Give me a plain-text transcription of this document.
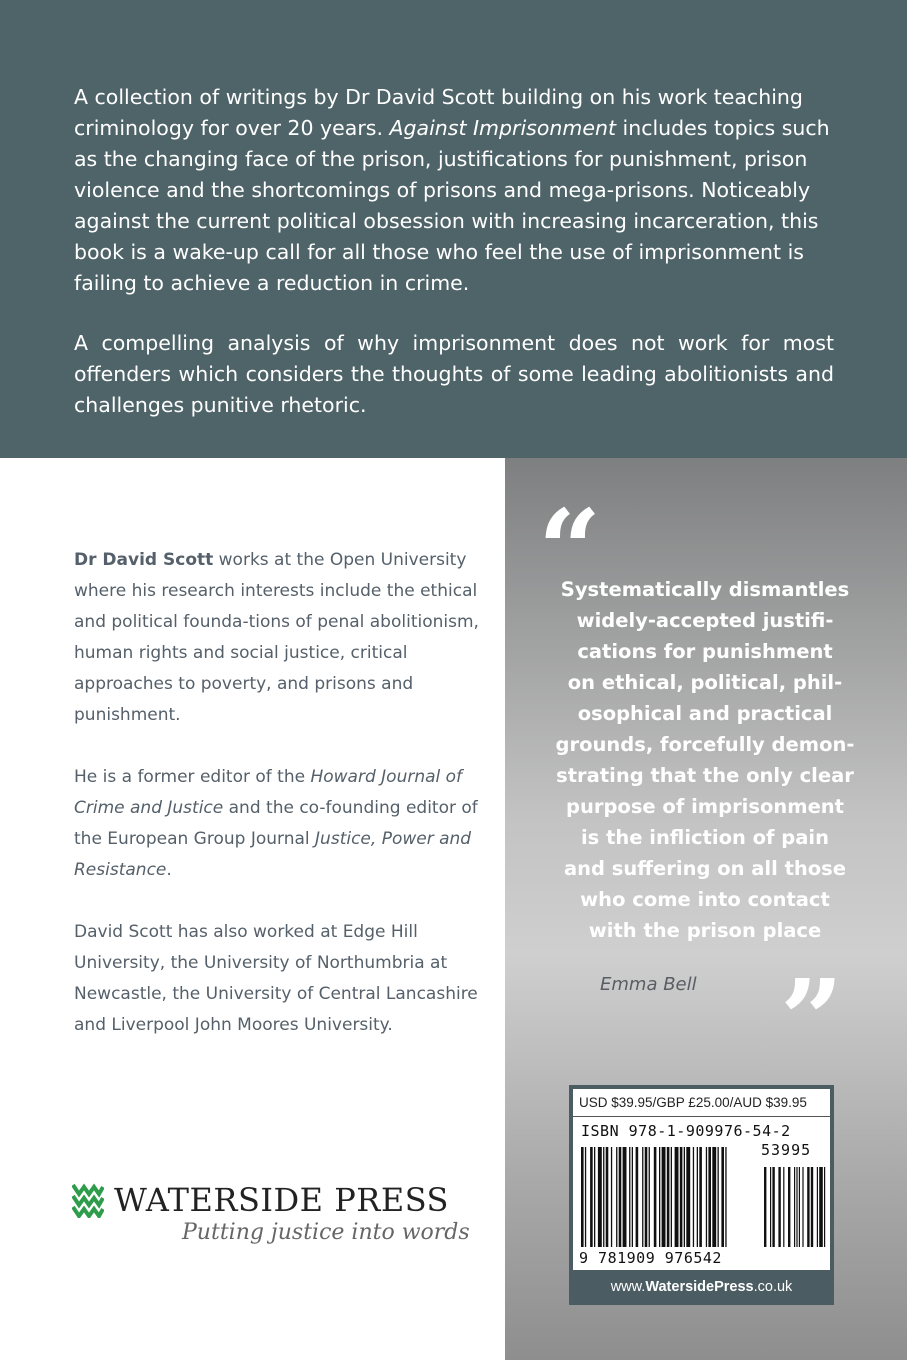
A collection of writings by Dr David Scott building on his work teaching criminology for over 20 years. Against Imprisonment includes topics such as the changing face of the prison, justifications for punishment, prison violence and the shortcomings of prisons and mega-prisons. Noticeably against the current political obsession with increasing incarceration, this book is a wake-up call for all those who feel the use of imprisonment is failing to achieve a reduction in crime.

A compelling analysis of why imprisonment does not work for most offenders which considers the thoughts of some leading abolitionists and challenges punitive rhetoric.

Dr David Scott works at the Open University where his research interests include the ethical and political founda-tions of penal abolitionism, human rights and social justice, critical approaches to poverty, and prisons and punishment.

He is a former editor of the Howard Journal of Crime and Justice and the co-founding editor of the European Group Journal Justice, Power and Resistance.

David Scott has also worked at Edge Hill University, the University of Northumbria at Newcastle, the University of Central Lancashire and Liverpool John Moores University.

“

Systematically dismantles
widely-accepted justifi-
cations for punishment
on ethical, political, phil-
osophical and practical
grounds, forcefully demon-
strating that the only clear
purpose of imprisonment
is the infliction of pain
and suffering on all those
who come into contact
with the prison place

Emma Bell ”
USD $39.95/GBP £25.00/AUD $39.95
ISBN 978-1-909976-54-2
53995
9 781909 976542
www.WatersidePress.co.uk
WATERSIDE PRESS
Putting justice into words
